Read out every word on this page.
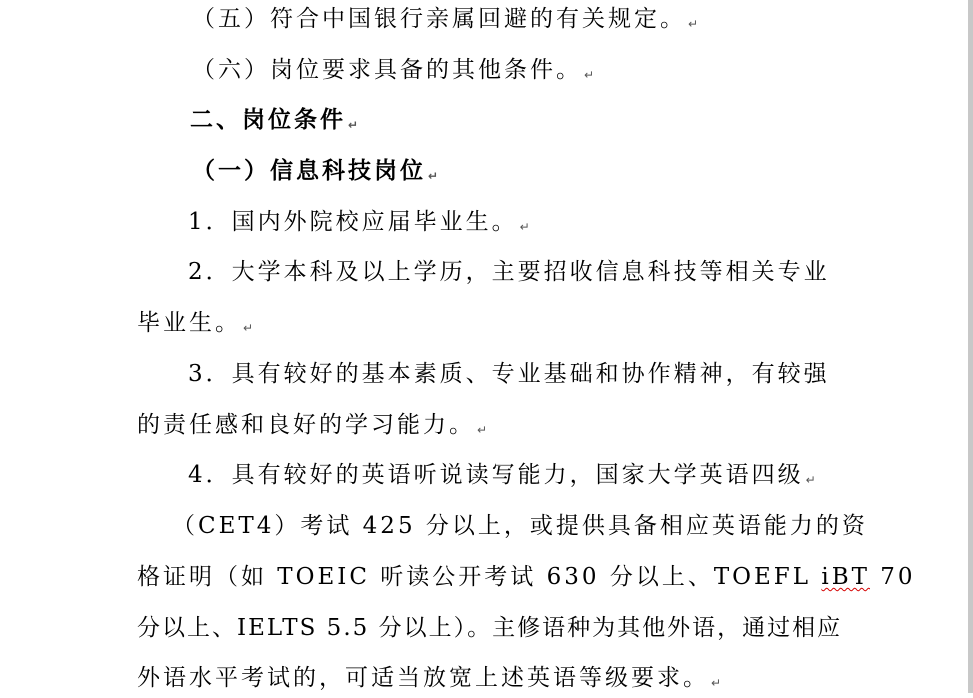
（五）符合中国银行亲属回避的有关规定。 ↵
（六）岗位要求具备的其他条件。 ↵
二、岗位条件 ↵
（一）信息科技岗位 ↵
1．国内外院校应届毕业生。 ↵
2．大学本科及以上学历，主要招收信息科技等相关专业
毕业生。 ↵
3．具有较好的基本素质、专业基础和协作精神，有较强
的责任感和良好的学习能力。 ↵
4．具有较好的英语听说读写能力，国家大学英语四级 ↵
（CET4）考试 425 分以上，或提供具备相应英语能力的资
格证明（如 TOEIC 听读公开考试 630 分以上、TOEFL iBT 70
分以上、IELTS 5.5 分以上）。主修语种为其他外语，通过相应
外语水平考试的，可适当放宽上述英语等级要求。 ↵
